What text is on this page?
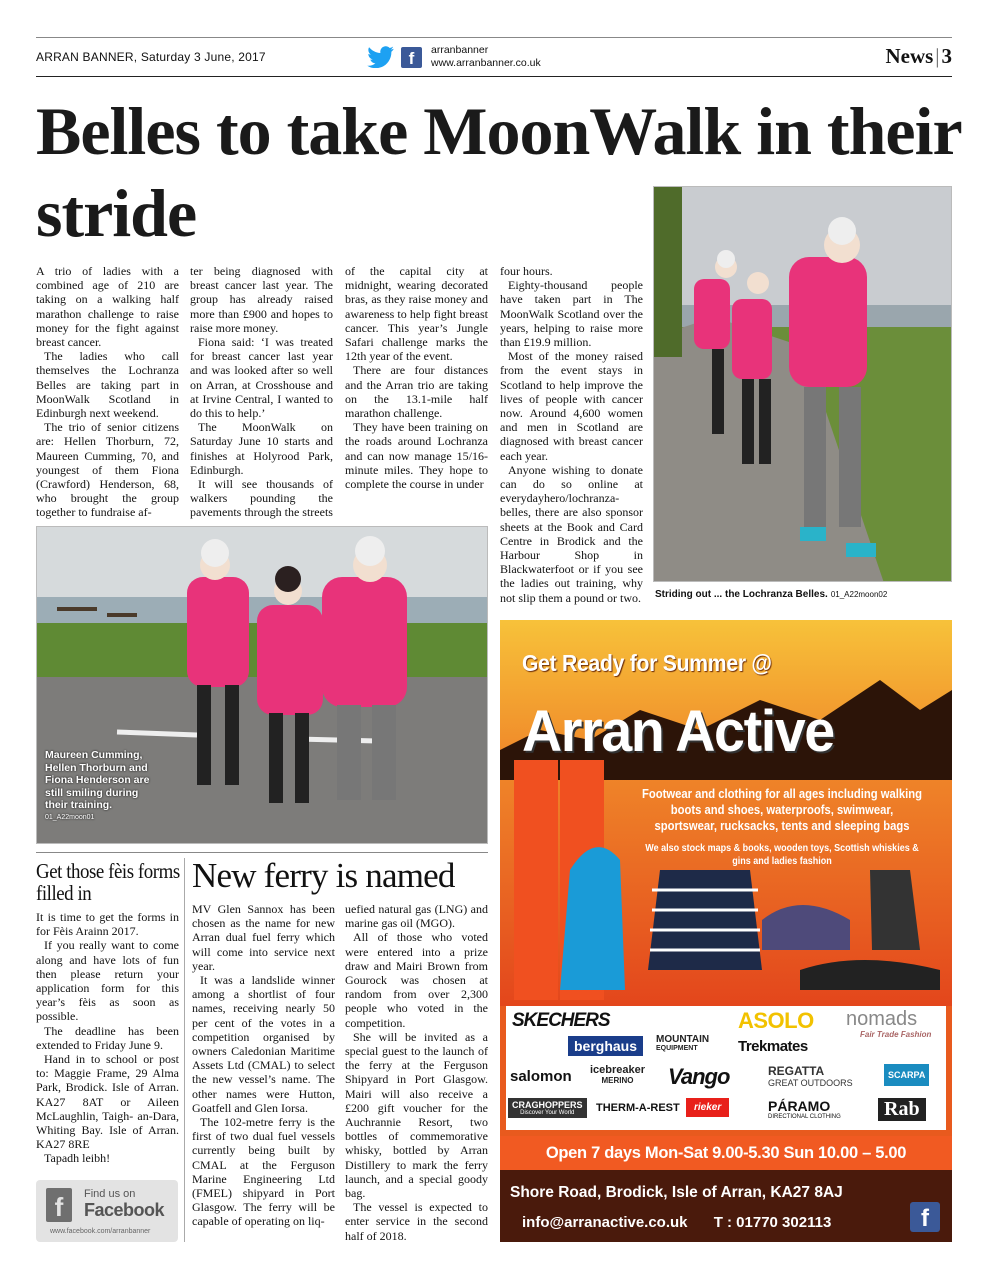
ARRAN BANNER, Saturday 3 June, 2017	f	arranbanner
www.arranbanner.co.uk	News|3
Belles to take MoonWalk in their stride

A trio of ladies with a combined age of 210 are taking on a walking half marathon challenge to raise money for the fight against breast cancer.

The ladies who call themselves the Lochranza Belles are taking part in MoonWalk Scotland in Edinburgh next weekend.

The trio of senior citizens are: Hellen Thorburn, 72, Maureen Cumming, 70, and youngest of them Fiona (Crawford) Henderson, 68, who brought the group together to fundraise af-

ter being diagnosed with breast cancer last year. The group has already raised more than £900 and hopes to raise more money.

Fiona said: ‘I was treated for breast cancer last year and was looked after so well on Arran, at Crosshouse and at Irvine Central, I wanted to do this to help.’

The MoonWalk on Saturday June 10 starts and finishes at Holyrood Park, Edinburgh.

It will see thousands of walkers pounding the pavements through the streets

of the capital city at midnight, wearing decorated bras, as they raise money and awareness to help fight breast cancer. This year’s Jungle Safari challenge marks the 12th year of the event.

There are four distances and the Arran trio are taking on the 13.1-mile half marathon challenge.

They have been training on the roads around Lochranza and can now manage 15/16-minute miles. They hope to complete the course in under

four hours.

Eighty-thousand people have taken part in The MoonWalk Scotland over the years, helping to raise more than £19.9 million.

Most of the money raised from the event stays in Scotland to help improve the lives of people with cancer now. Around 4,600 women and men in Scotland are diagnosed with breast cancer each year.

Anyone wishing to donate can do so online at everydayhero/lochranza-belles, there are also sponsor sheets at the Book and Card Centre in Brodick and the Harbour Shop in Blackwaterfoot or if you see the ladies out training, why not slip them a pound or two. Striding out ... the Lochranza Belles. 01_A22moon02
Maureen Cumming, Hellen Thorburn and Fiona Henderson are still smiling during their training.
01_A22moon01
Get those fèis forms filled in

It is time to get the forms in for Fèis Arainn 2017.

If you really want to come along and have lots of fun then please return your application form for this year’s fèis as soon as possible.

The deadline has been extended to Friday June 9.

Hand in to school or post to: Maggie Frame, 29 Alma Park, Brodick. Isle of Arran. KA27 8AT or Aileen McLaughlin, Taigh- an-Dara, Whiting Bay. Isle of Arran. KA27 8RE

Tapadh leibh!

f	Find us on
Facebook
www.facebook.com/arranbanner
New ferry is named

MV Glen Sannox has been chosen as the name for new Arran dual fuel ferry which will come into service next year.

It was a landslide winner among a shortlist of four names, receiving nearly 50 per cent of the votes in a competition organised by owners Caledonian Maritime Assets Ltd (CMAL) to select the new vessel’s name. The other names were Hutton, Goatfell and Glen Iorsa.

The 102-metre ferry is the first of two dual fuel vessels currently being built by CMAL at the Ferguson Marine Engineering Ltd (FMEL) shipyard in Port Glasgow. The ferry will be capable of operating on liq-

uefied natural gas (LNG) and marine gas oil (MGO).

All of those who voted were entered into a prize draw and Mairi Brown from Gourock was chosen at random from over 2,300 people who voted in the competition.

She will be invited as a special guest to the launch of the ferry at the Ferguson Shipyard in Port Glasgow. Mairi will also receive a £200 gift voucher for the Auchrannie Resort, two bottles of commemorative whisky, bottled by Arran Distillery to mark the ferry launch, and a special goody bag.

The vessel is expected to enter service in the second half of 2018.

Get Ready for Summer @
Arran Active
Footwear and clothing for all ages including walking boots and shoes, waterproofs, swimwear, sportswear, rucksacks, tents and sleeping bags
We also stock maps & books, wooden toys, Scottish whiskies & gins and ladies fashion
SKECHERS	ASOLO nomads
Fair Trade Fashion
berghaus	MOUNTAIN
EQUIPMENT	Trekmates
salomon icebreaker
MERINO	Vango	REGATTA
GREAT OUTDOORS
SCARPA
CRAGHOPPERS
Discover Your World	THERM-A-REST	rieker	PÁRAMO
DIRECTIONAL CLOTHING	Rab
Open 7 days Mon-Sat 9.00-5.30 Sun 10.00 – 5.00
Shore Road, Brodick, Isle of Arran, KA27 8AJ
info@arranactive.co.uk T : 01770 302113	f
